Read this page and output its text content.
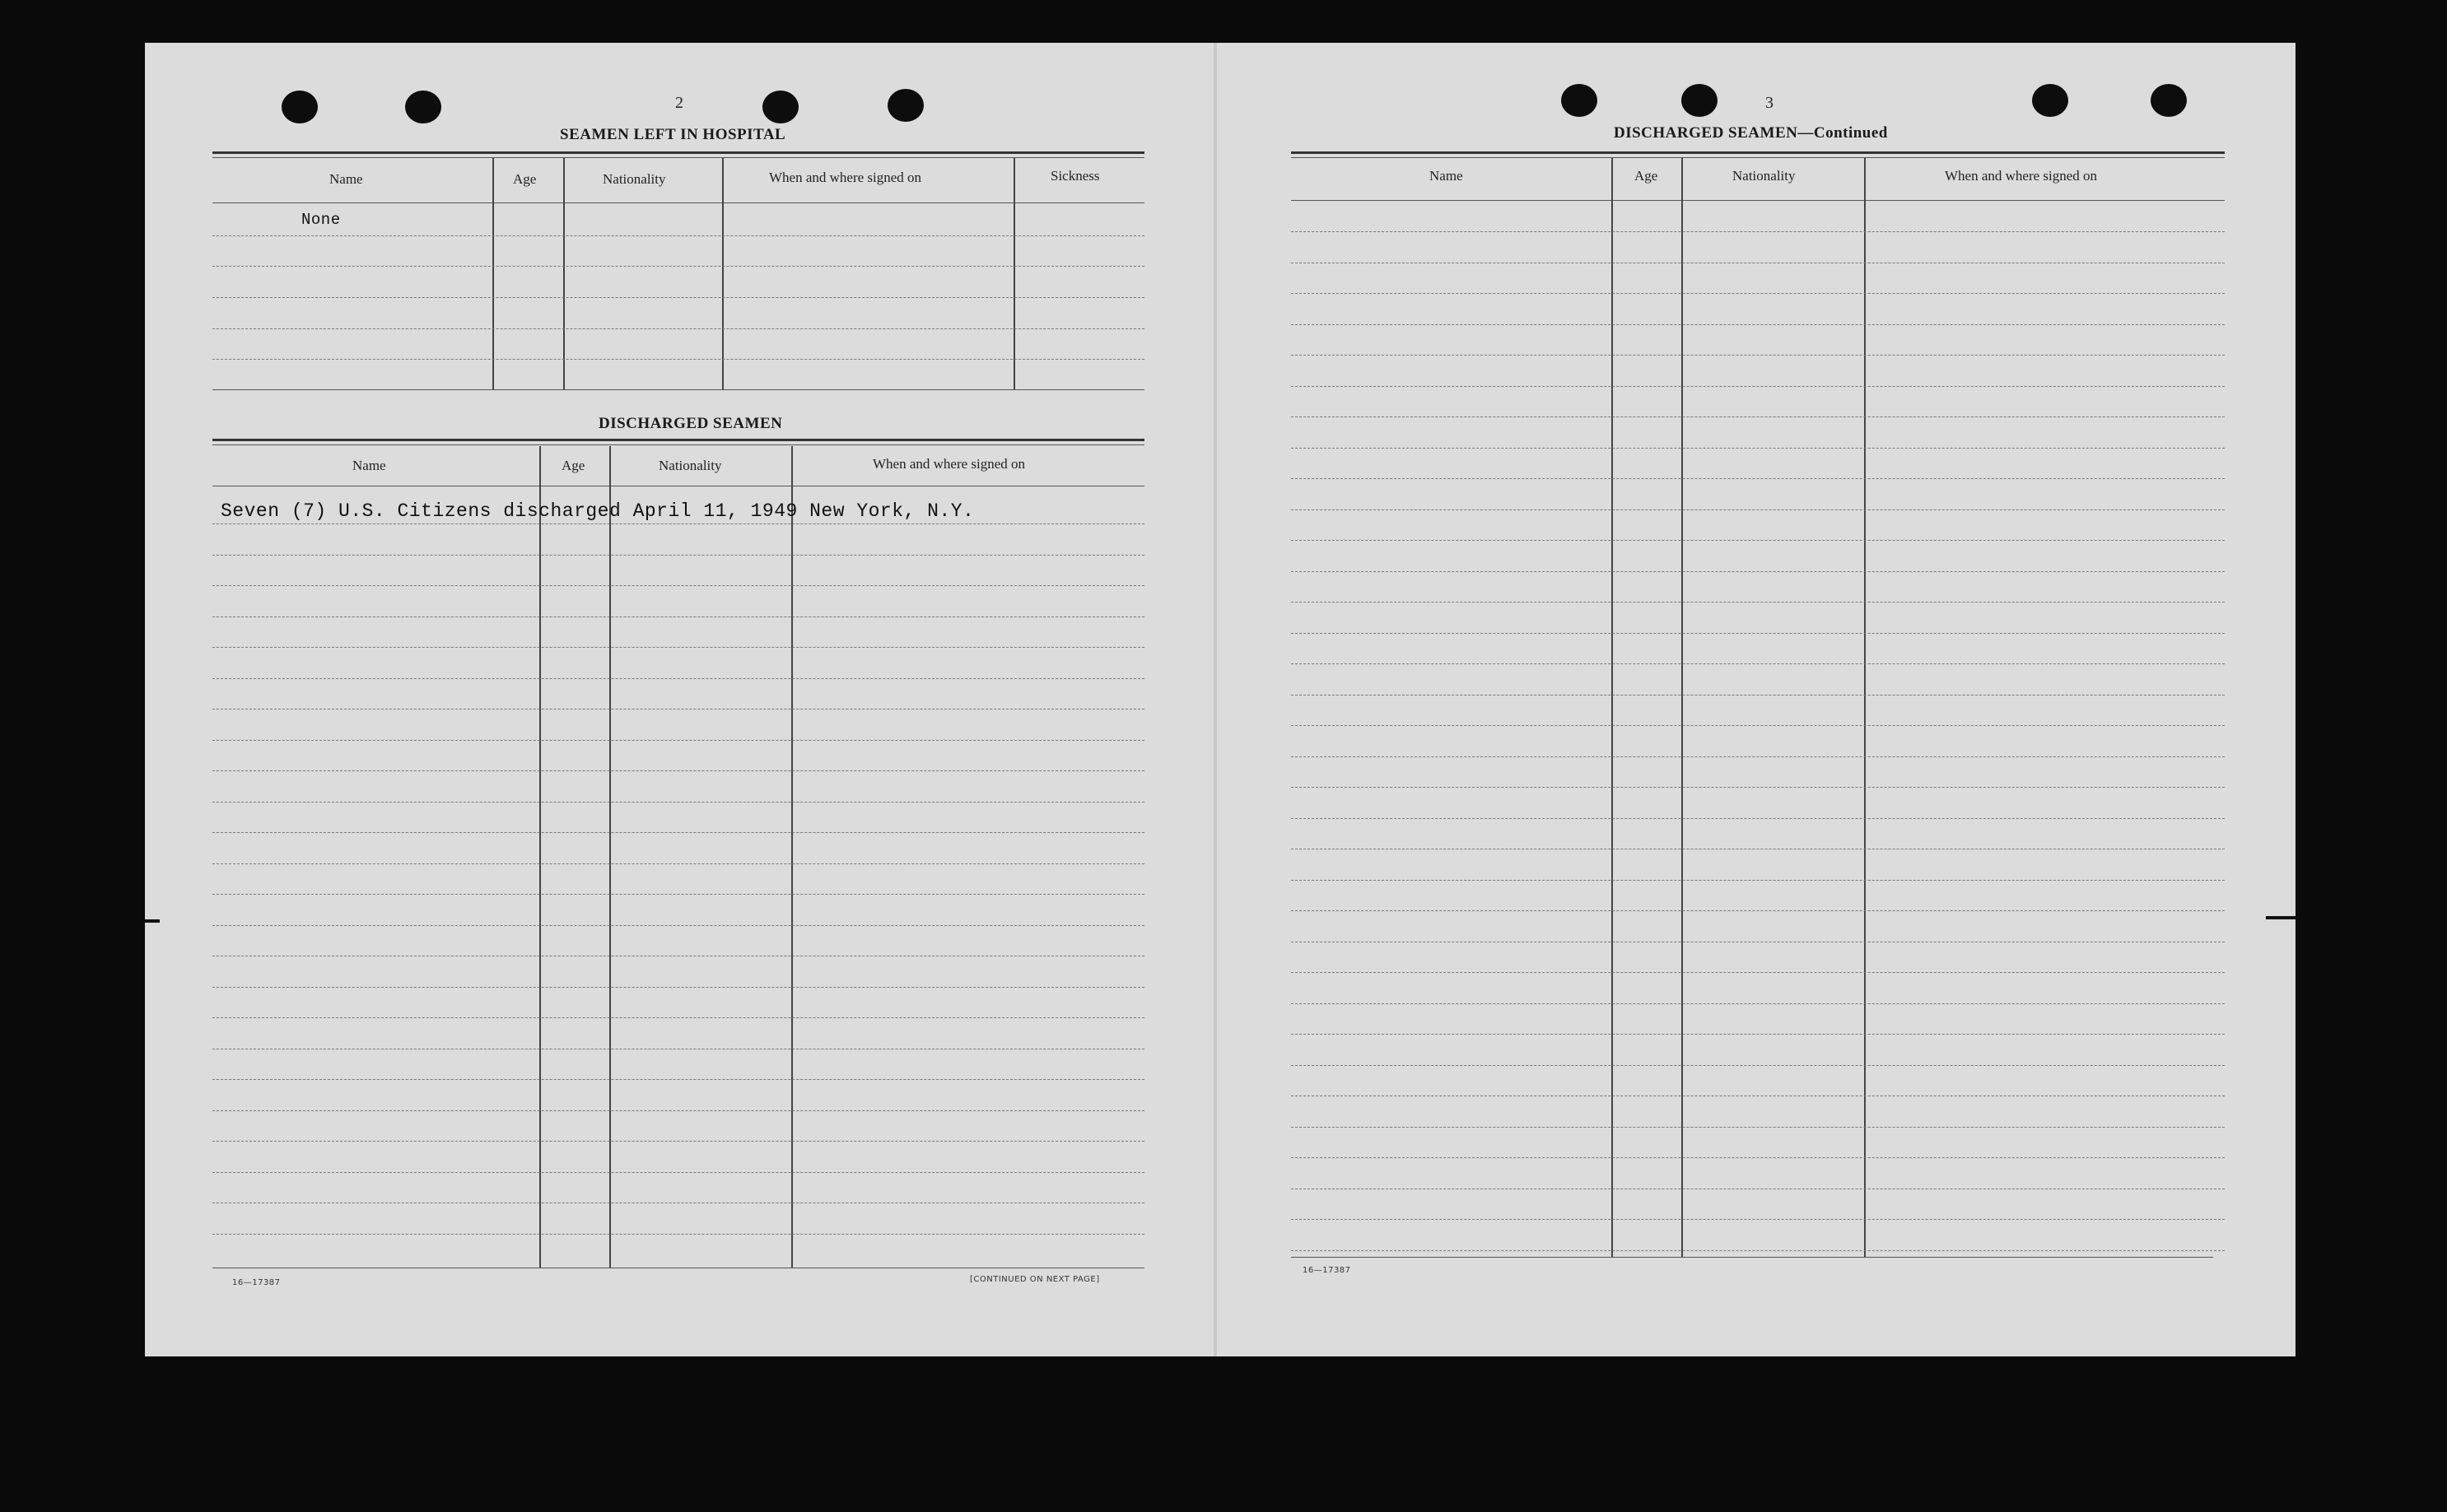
2
SEAMEN LEFT IN HOSPITAL
Name	Age	Nationality	When and where signed on	Sickness
None
DISCHARGED SEAMEN
Name	Age	Nationality	When and where signed on
Seven (7) U.S. Citizens discharged April 11, 1949 New York, N.Y.
16—17387	[CONTINUED ON NEXT PAGE]
3
DISCHARGED SEAMEN—Continued
Name	Age	Nationality	When and where signed on
16—17387
